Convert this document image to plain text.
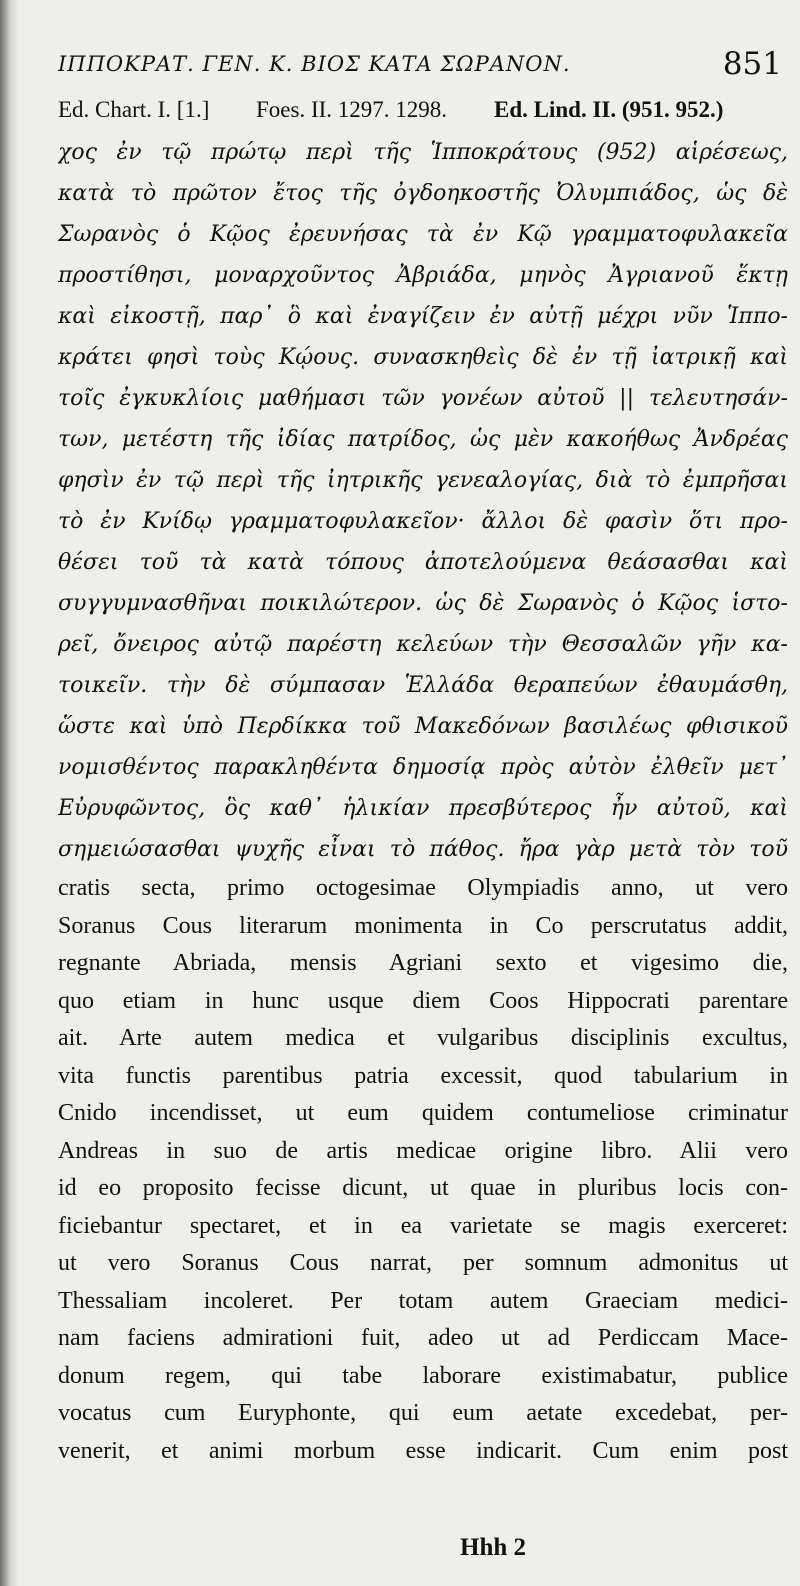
ΙΠΠΟΚΡΑΤ. ΓΕΝ. Κ. ΒΙΟΣ ΚΑΤΑ ΣΩΡΑΝΟΝ.	851
Ed. Chart. I. [1.] Foes. II. 1297. 1298. Ed. Lind. II. (951. 952.)
χος ἐν τῷ πρώτῳ περὶ τῆς Ἱπποκράτους (952) αἱρέσεως,
κατὰ τὸ πρῶτον ἔτος τῆς ὀγδοηκοστῆς Ὀλυμπιάδος, ὡς δὲ
Σωρανὸς ὁ Κῷος ἐρευνήσας τὰ ἐν Κῷ γραμματοφυλακεῖα
προστίθησι, μοναρχοῦντος Ἀβριάδα, μηνὸς Ἀγριανοῦ ἕκτῃ
καὶ εἰκοστῇ, παρ᾽ ὃ καὶ ἐναγίζειν ἐν αὐτῇ μέχρι νῦν Ἱππο-
κράτει φησὶ τοὺς Κῴους. συνασκηθεὶς δὲ ἐν τῇ ἰατρικῇ καὶ
τοῖς ἐγκυκλίοις μαθήμασι τῶν γονέων αὐτοῦ || τελευτησάν-
των, μετέστη τῆς ἰδίας πατρίδος, ὡς μὲν κακοήθως Ἀνδρέας
φησὶν ἐν τῷ περὶ τῆς ἰητρικῆς γενεαλογίας, διὰ τὸ ἐμπρῆσαι
τὸ ἐν Κνίδῳ γραμματοφυλακεῖον· ἄλλοι δὲ φασὶν ὅτι προ-
θέσει τοῦ τὰ κατὰ τόπους ἀποτελούμενα θεάσασθαι καὶ
συγγυμνασθῆναι ποικιλώτερον. ὡς δὲ Σωρανὸς ὁ Κῷος ἱστο-
ρεῖ, ὄνειρος αὐτῷ παρέστη κελεύων τὴν Θεσσαλῶν γῆν κα-
τοικεῖν. τὴν δὲ σύμπασαν Ἑλλάδα θεραπεύων ἐθαυμάσθη,
ὥστε καὶ ὑπὸ Περδίκκα τοῦ Μακεδόνων βασιλέως φθισικοῦ
νομισθέντος παρακληθέντα δημοσίᾳ πρὸς αὐτὸν ἐλθεῖν μετ᾽
Εὐρυφῶντος, ὃς καθ᾽ ἡλικίαν πρεσβύτερος ἦν αὐτοῦ, καὶ
σημειώσασθαι ψυχῆς εἶναι τὸ πάθος. ἤρα γὰρ μετὰ τὸν τοῦ
cratis secta, primo octogesimae Olympiadis anno, ut vero
Soranus Cous literarum monimenta in Co perscrutatus addit,
regnante Abriada, mensis Agriani sexto et vigesimo die,
quo etiam in hunc usque diem Coos Hippocrati parentare
ait. Arte autem medica et vulgaribus disciplinis excultus,
vita functis parentibus patria excessit, quod tabularium in
Cnido incendisset, ut eum quidem contumeliose criminatur
Andreas in suo de artis medicae origine libro. Alii vero
id eo proposito fecisse dicunt, ut quae in pluribus locis con-
ficiebantur spectaret, et in ea varietate se magis exerceret:
ut vero Soranus Cous narrat, per somnum admonitus ut
Thessaliam incoleret. Per totam autem Graeciam medici-
nam faciens admirationi fuit, adeo ut ad Perdiccam Mace-
donum regem, qui tabe laborare existimabatur, publice
vocatus cum Euryphonte, qui eum aetate excedebat, per-
venerit, et animi morbum esse indicarit. Cum enim post
Hhh 2
